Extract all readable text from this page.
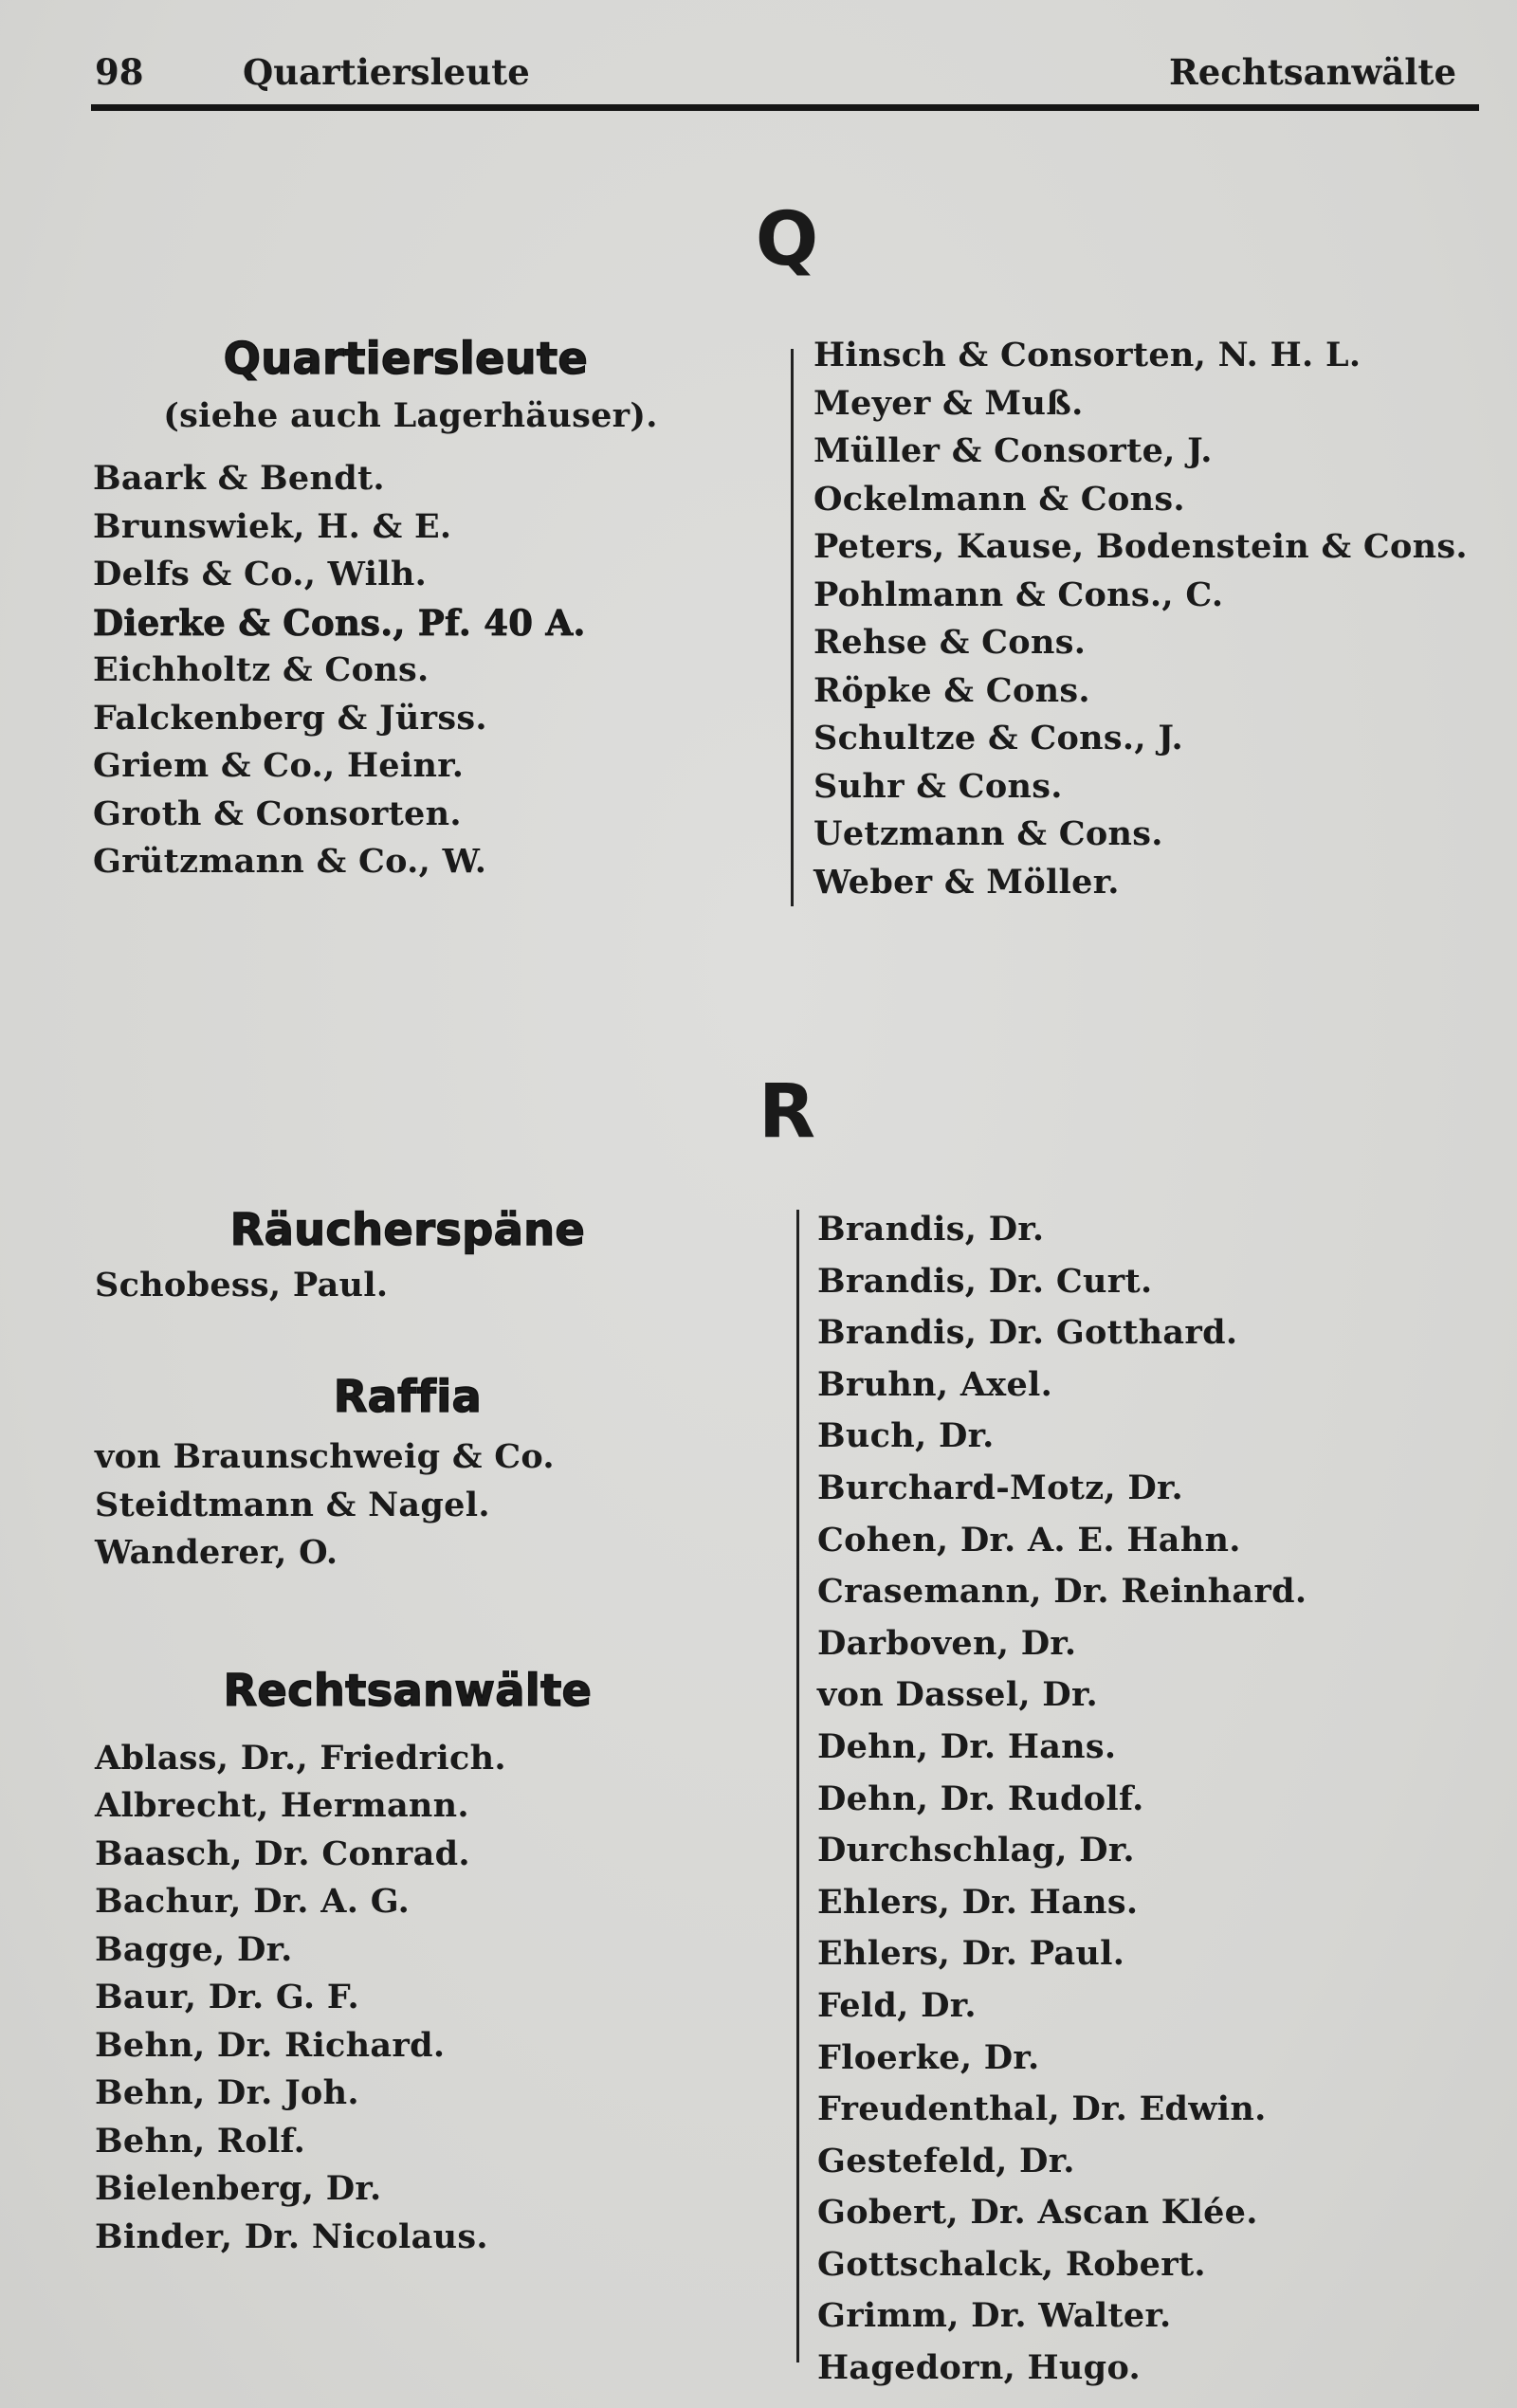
98	Quartiersleute	Rechtsanwälte
Q
Quartiersleute
(siehe auch Lagerhäuser).
Baark & Bendt.
Brunswiek, H. & E.
Delfs & Co., Wilh.
Dierke & Cons., Pf. 40 A.
Eichholtz & Cons.
Falckenberg & Jürss.
Griem & Co., Heinr.
Groth & Consorten.
Grützmann & Co., W.
Hinsch & Consorten, N. H. L.
Meyer & Muß.
Müller & Consorte, J.
Ockelmann & Cons.
Peters, Kause, Bodenstein & Cons.
Pohlmann & Cons., C.
Rehse & Cons.
Röpke & Cons.
Schultze & Cons., J.
Suhr & Cons.
Uetzmann & Cons.
Weber & Möller.
R
Räucherspäne
Schobess, Paul.
Raffia
von Braunschweig & Co.
Steidtmann & Nagel.
Wanderer, O.
Rechtsanwälte
Ablass, Dr., Friedrich.
Albrecht, Hermann.
Baasch, Dr. Conrad.
Bachur, Dr. A. G.
Bagge, Dr.
Baur, Dr. G. F.
Behn, Dr. Richard.
Behn, Dr. Joh.
Behn, Rolf.
Bielenberg, Dr.
Binder, Dr. Nicolaus.
Brandis, Dr.
Brandis, Dr. Curt.
Brandis, Dr. Gotthard.
Bruhn, Axel.
Buch, Dr.
Burchard-Motz, Dr.
Cohen, Dr. A. E. Hahn.
Crasemann, Dr. Reinhard.
Darboven, Dr.
von Dassel, Dr.
Dehn, Dr. Hans.
Dehn, Dr. Rudolf.
Durchschlag, Dr.
Ehlers, Dr. Hans.
Ehlers, Dr. Paul.
Feld, Dr.
Floerke, Dr.
Freudenthal, Dr. Edwin.
Gestefeld, Dr.
Gobert, Dr. Ascan Klée.
Gottschalck, Robert.
Grimm, Dr. Walter.
Hagedorn, Hugo.
